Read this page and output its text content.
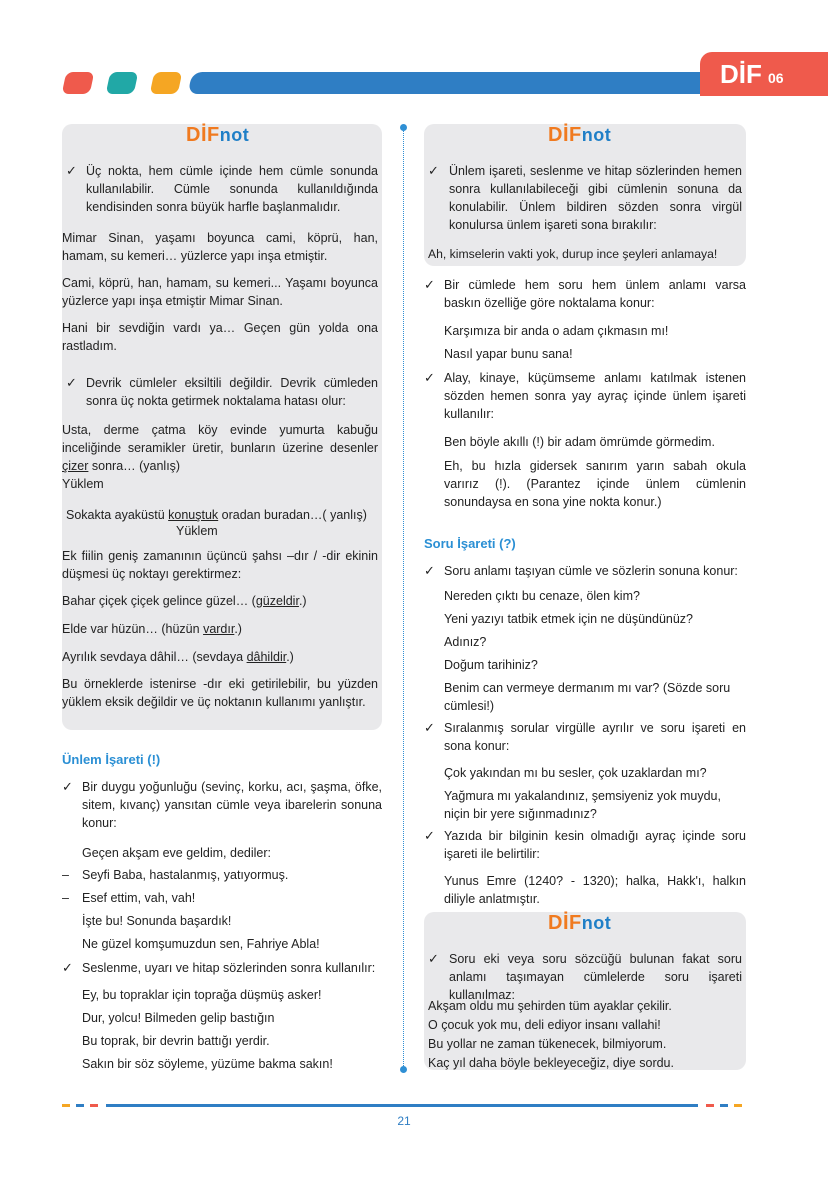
DİF 06
DİFnot
✓ Üç nokta, hem cümle içinde hem cümle sonunda kullanılabilir. Cümle sonunda kullanıldığında kendisinden sonra büyük harfle başlanmalıdır.
Mimar Sinan, yaşamı boyunca cami, köprü, han, hamam, su kemeri… yüzlerce yapı inşa etmiştir.
Cami, köprü, han, hamam, su kemeri... Yaşamı boyunca yüzlerce yapı inşa etmiştir Mimar Sinan.
Hani bir sevdiğin vardı ya… Geçen gün yolda ona rastladım.
✓ Devrik cümleler eksiltili değildir. Devrik cümleden sonra üç nokta getirmek noktalama hatası olur:
Usta, derme çatma köy evinde yumurta kabuğu inceliğinde seramikler üretir, bunların üzerine desenler çizer sonra… (yanlış)
Yüklem
Sokakta ayaküstü konuştuk oradan buradan…( yanlış)
Yüklem
Ek fiilin geniş zamanının üçüncü şahsı –dır / -dir ekinin düşmesi üç noktayı gerektirmez:
Bahar çiçek çiçek gelince güzel… (güzeldir.)
Elde var hüzün… (hüzün vardır.)
Ayrılık sevdaya dâhil… (sevdaya dâhildir.)
Bu örneklerde istenirse -dır eki getirilebilir, bu yüzden yüklem eksik değildir ve üç noktanın kullanımı yanlıştır.
Ünlem İşareti (!)
✓ Bir duygu yoğunluğu (sevinç, korku, acı, şaşma, öfke, sitem, kıvanç) yansıtan cümle veya ibarelerin sonuna konur:
Geçen akşam eve geldim, dediler:
– Seyfi Baba, hastalanmış, yatıyormuş.
– Esef ettim, vah, vah!
İşte bu! Sonunda başardık!
Ne güzel komşumuzdun sen, Fahriye Abla!
✓ Seslenme, uyarı ve hitap sözlerinden sonra kullanılır:
Ey, bu topraklar için toprağa düşmüş asker!
Dur, yolcu! Bilmeden gelip bastığın
Bu toprak, bir devrin battığı yerdir.
Sakın bir söz söyleme, yüzüme bakma sakın!
DİFnot
✓ Ünlem işareti, seslenme ve hitap sözlerinden hemen sonra kullanılabileceği gibi cümlenin sonuna da konulabilir. Ünlem bildiren sözden sonra virgül konulursa ünlem işareti sona bırakılır:
Ah, kimselerin vakti yok, durup ince şeyleri anlamaya!
✓ Bir cümlede hem soru hem ünlem anlamı varsa baskın özelliğe göre noktalama konur:
Karşımıza bir anda o adam çıkmasın mı!
Nasıl yapar bunu sana!
✓ Alay, kinaye, küçümseme anlamı katılmak istenen sözden hemen sonra yay ayraç içinde ünlem işareti kullanılır:
Ben böyle akıllı (!) bir adam ömrümde görmedim.
Eh, bu hızla gidersek sanırım yarın sabah okula varırız (!). (Parantez içinde ünlem cümlenin sonundaysa en sona yine nokta konur.)
Soru İşareti (?)
✓ Soru anlamı taşıyan cümle ve sözlerin sonuna konur:
Nereden çıktı bu cenaze, ölen kim?
Yeni yazıyı tatbik etmek için ne düşündünüz?
Adınız?
Doğum tarihiniz?
Benim can vermeye dermanım mı var? (Sözde soru cümlesi!)
✓ Sıralanmış sorular virgülle ayrılır ve soru işareti en sona konur:
Çok yakından mı bu sesler, çok uzaklardan mı?
Yağmura mı yakalandınız, şemsiyeniz yok muydu, niçin bir yere sığınmadınız?
✓ Yazıda bir bilginin kesin olmadığı ayraç içinde soru işareti ile belirtilir:
Yunus Emre (1240? - 1320); halka, Hakk'ı, halkın diliyle anlatmıştır.
DİFnot
✓ Soru eki veya soru sözcüğü bulunan fakat soru anlamı taşımayan cümlelerde soru işareti kullanılmaz:
Akşam oldu mu şehirden tüm ayaklar çekilir.
O çocuk yok mu, deli ediyor insanı vallahi!
Bu yollar ne zaman tükenecek, bilmiyorum.
Kaç yıl daha böyle bekleyeceğiz, diye sordu.
21
